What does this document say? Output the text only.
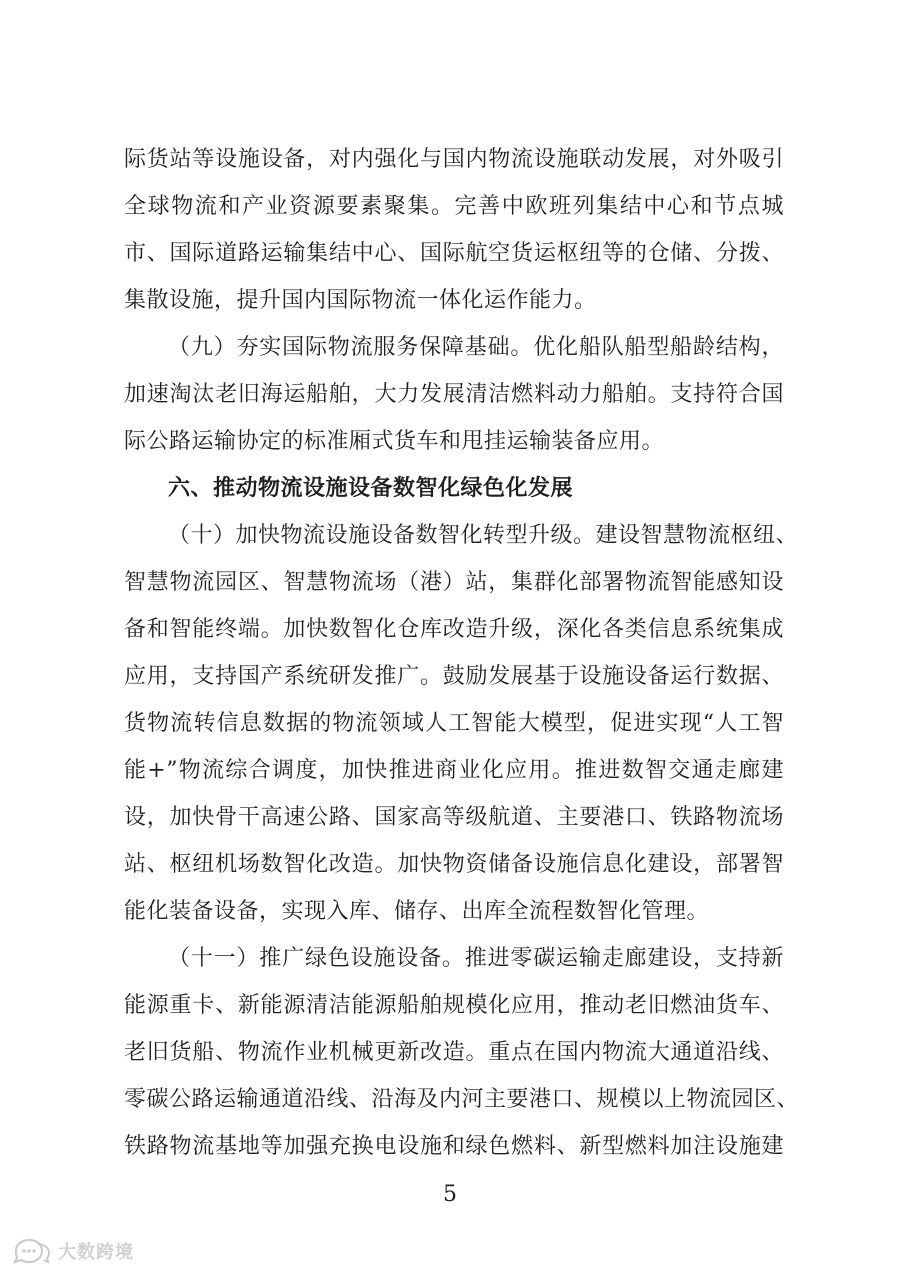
际货站等设施设备，对内强化与国内物流设施联动发展，对外吸引
全球物流和产业资源要素聚集。完善中欧班列集结中心和节点城
市、国际道路运输集结中心、国际航空货运枢纽等的仓储、分拨、
集散设施，提升国内国际物流一体化运作能力。
（九）夯实国际物流服务保障基础。优化船队船型船龄结构，
加速淘汰老旧海运船舶，大力发展清洁燃料动力船舶。支持符合国
际公路运输协定的标准厢式货车和甩挂运输装备应用。
六、推动物流设施设备数智化绿色化发展
（十）加快物流设施设备数智化转型升级。建设智慧物流枢纽、
智慧物流园区、智慧物流场（港）站，集群化部署物流智能感知设
备和智能终端。加快数智化仓库改造升级，深化各类信息系统集成
应用，支持国产系统研发推广。鼓励发展基于设施设备运行数据、
货物流转信息数据的物流领域人工智能大模型，促进实现“人工智
能+”物流综合调度，加快推进商业化应用。推进数智交通走廊建
设，加快骨干高速公路、国家高等级航道、主要港口、铁路物流场
站、枢纽机场数智化改造。加快物资储备设施信息化建设，部署智
能化装备设备，实现入库、储存、出库全流程数智化管理。
（十一）推广绿色设施设备。推进零碳运输走廊建设，支持新
能源重卡、新能源清洁能源船舶规模化应用，推动老旧燃油货车、
老旧货船、物流作业机械更新改造。重点在国内物流大通道沿线、
零碳公路运输通道沿线、沿海及内河主要港口、规模以上物流园区、
5
大数跨境
铁路物流基地等加强充换电设施和绿色燃料、新型燃料加注设施建
